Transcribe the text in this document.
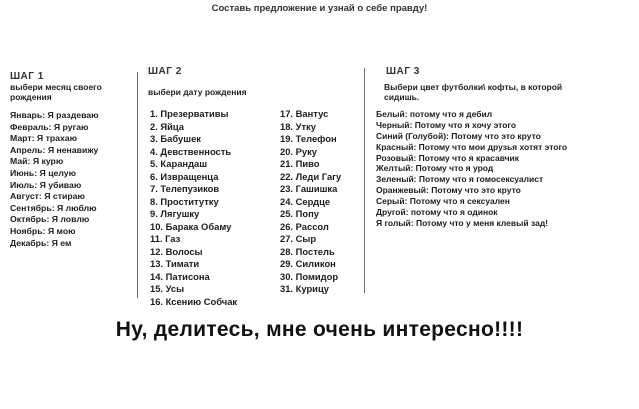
Составь предложение и узнай о себе правду!
ШАГ 1
выбери месяц своего рождения
Январь: Я раздеваю
Февраль: Я ругаю
Март: Я трахаю
Апрель: Я ненавижу
Май: Я курю
Июнь: Я целую
Июль: Я убиваю
Август: Я стираю
Сентябрь: Я люблю
Октябрь: Я ловлю
Ноябрь: Я мою
Декабрь: Я ем
ШАГ 2
выбери дату рождения
1. Презервативы
2. Яйца
3. Бабушек
4. Девственность
5. Карандаш
6. Извращенца
7. Телепузиков
8. Проститутку
9. Лягушку
10. Барака Обаму
11. Газ
12. Волосы
13. Тимати
14. Патисона
15. Усы
16. Ксению Собчак
17. Вантус
18. Утку
19. Телефон
20. Руку
21. Пиво
22. Леди Гагу
23. Гашишка
24. Сердце
25. Попу
26. Рассол
27. Сыр
28. Постель
29. Силикон
30. Помидор
31. Курицу
ШАГ 3
Выбери цвет футболки\ кофты, в которой сидишь.
Белый: потому что я дебил
Черный: Потому что я хочу этого
Синий (Голубой): Потому что это круто
Красный: Потому что мои друзья хотят этого
Розовый: Потому что я красавчик
Желтый: Потому что я урод
Зеленый: Потому что я гомосексуалист
Оранжевый: Потому что это круто
Серый: Потому что я сексуален
Другой: потому что я одинок
Я голый: Потому что у меня клевый зад!
Ну, делитесь, мне очень интересно!!!!
